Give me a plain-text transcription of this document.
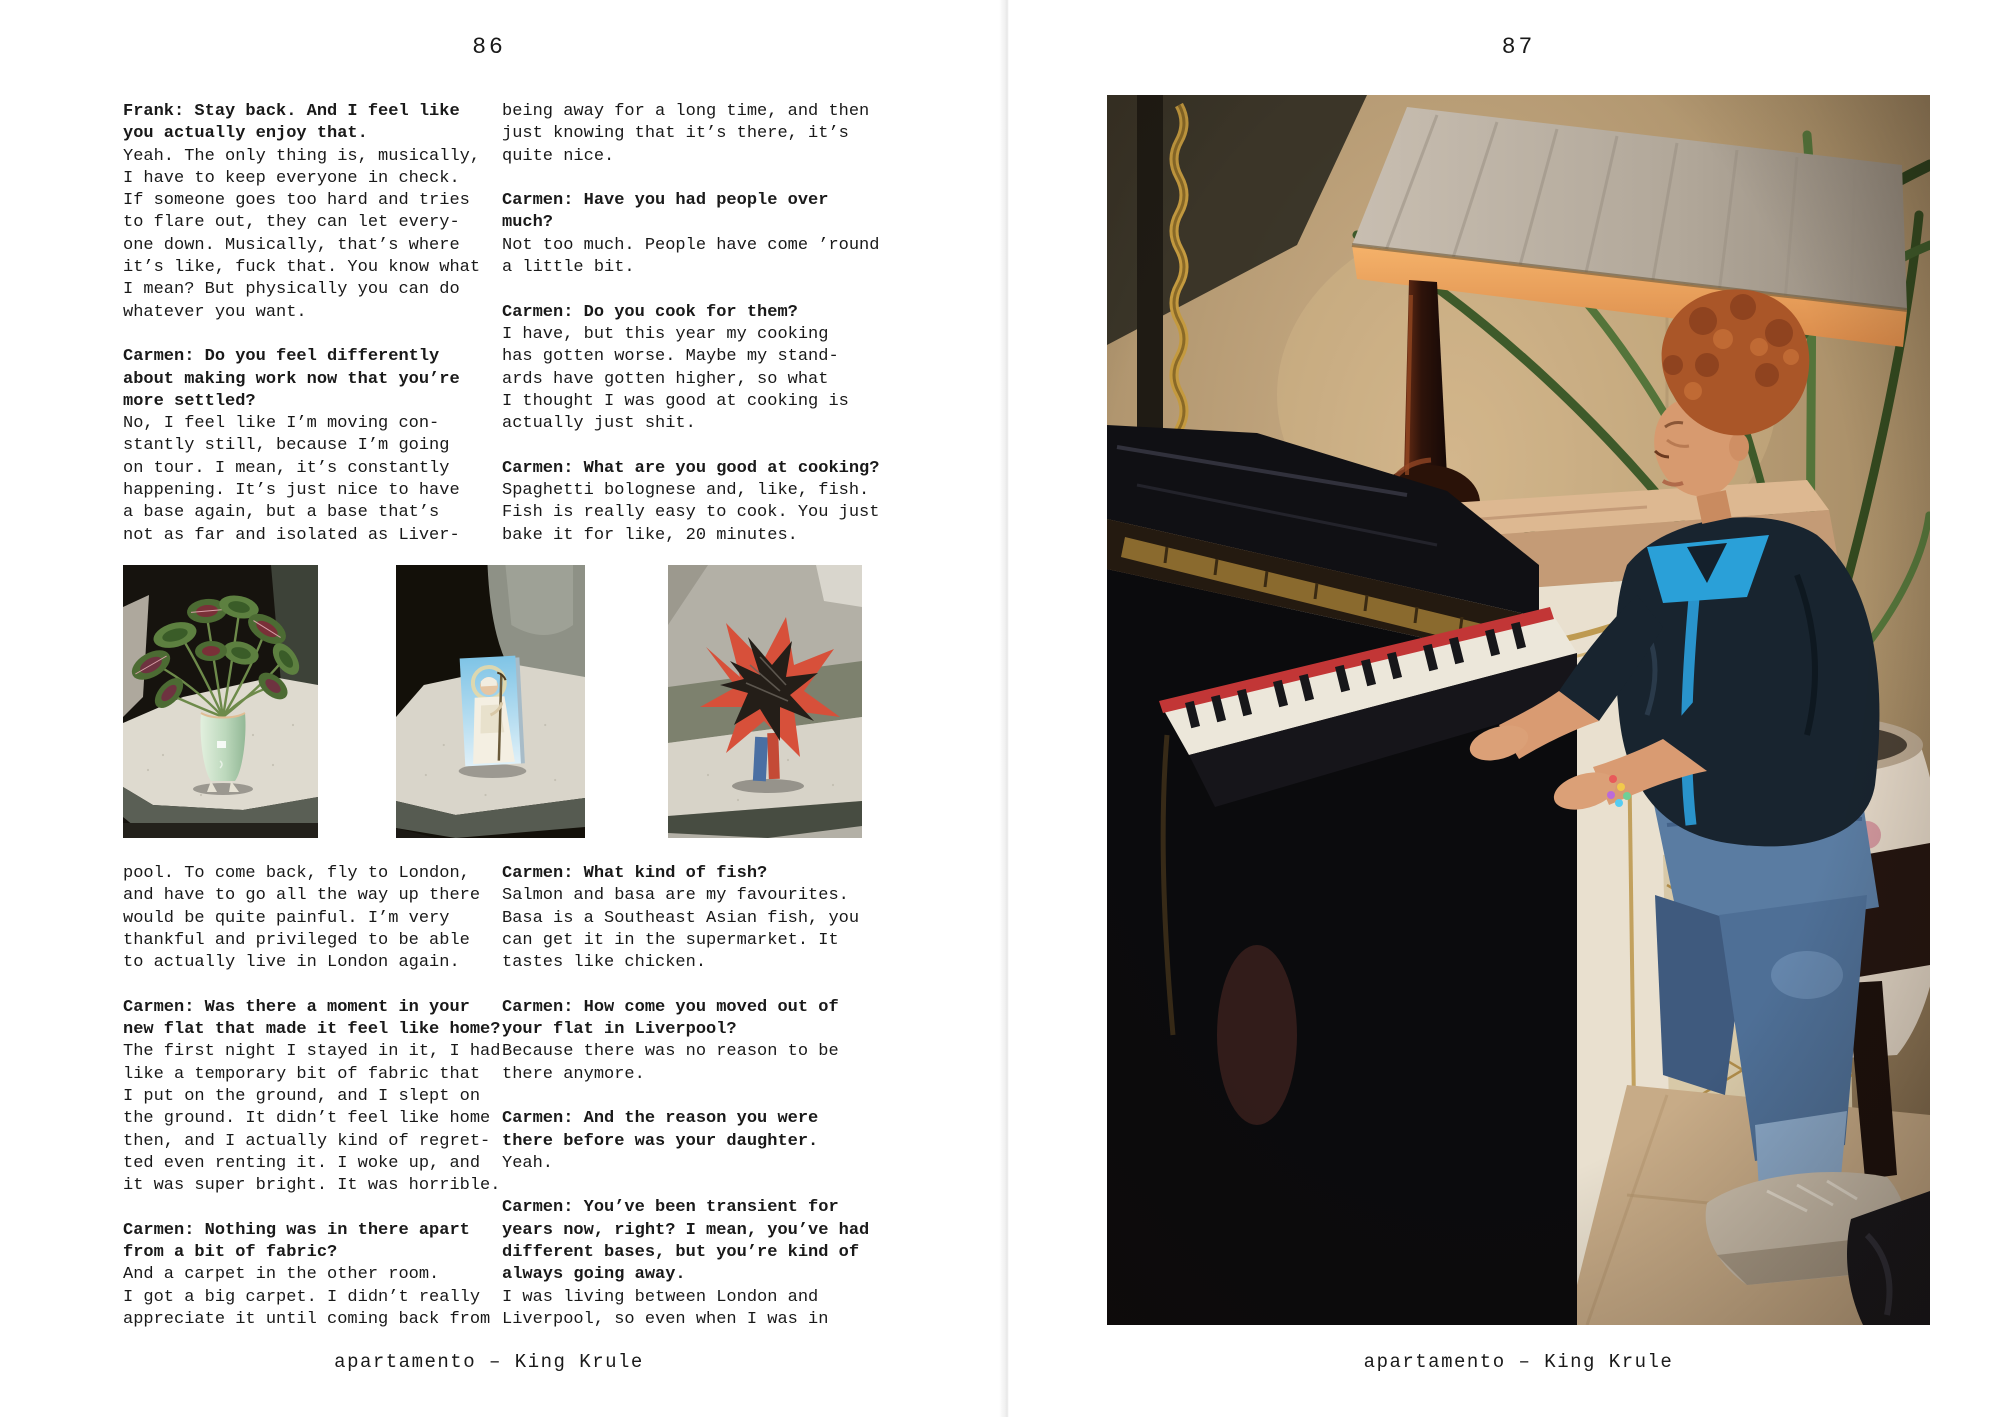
86	87
Frank: Stay back. And I feel like
you actually enjoy that.
Yeah. The only thing is, musically,
I have to keep everyone in check.
If someone goes too hard and tries
to flare out, they can let every-
one down. Musically, that’s where
it’s like, fuck that. You know what
I mean? But physically you can do
whatever you want.

Carmen: Do you feel differently
about making work now that you’re
more settled?
No, I feel like I’m moving con-
stantly still, because I’m going
on tour. I mean, it’s constantly
happening. It’s just nice to have
a base again, but a base that’s
not as far and isolated as Liver-
being away for a long time, and then
just knowing that it’s there, it’s
quite nice.

Carmen: Have you had people over
much?
Not too much. People have come ’round
a little bit.

Carmen: Do you cook for them?
I have, but this year my cooking
has gotten worse. Maybe my stand-
ards have gotten higher, so what
I thought I was good at cooking is
actually just shit.

Carmen: What are you good at cooking?
Spaghetti bolognese and, like, fish.
Fish is really easy to cook. You just
bake it for like, 20 minutes.
pool. To come back, fly to London,
and have to go all the way up there
would be quite painful. I’m very
thankful and privileged to be able
to actually live in London again.

Carmen: Was there a moment in your
new flat that made it feel like home?
The first night I stayed in it, I had
like a temporary bit of fabric that
I put on the ground, and I slept on
the ground. It didn’t feel like home
then, and I actually kind of regret-
ted even renting it. I woke up, and
it was super bright. It was horrible.

Carmen: Nothing was in there apart
from a bit of fabric?
And a carpet in the other room.
I got a big carpet. I didn’t really
appreciate it until coming back from
Carmen: What kind of fish?
Salmon and basa are my favourites.
Basa is a Southeast Asian fish, you
can get it in the supermarket. It
tastes like chicken.

Carmen: How come you moved out of
your flat in Liverpool?
Because there was no reason to be
there anymore.

Carmen: And the reason you were
there before was your daughter.
Yeah.

Carmen: You’ve been transient for
years now, right? I mean, you’ve had
different bases, but you’re kind of
always going away.
I was living between London and
Liverpool, so even when I was in
apartamento – King Krule	apartamento – King Krule
